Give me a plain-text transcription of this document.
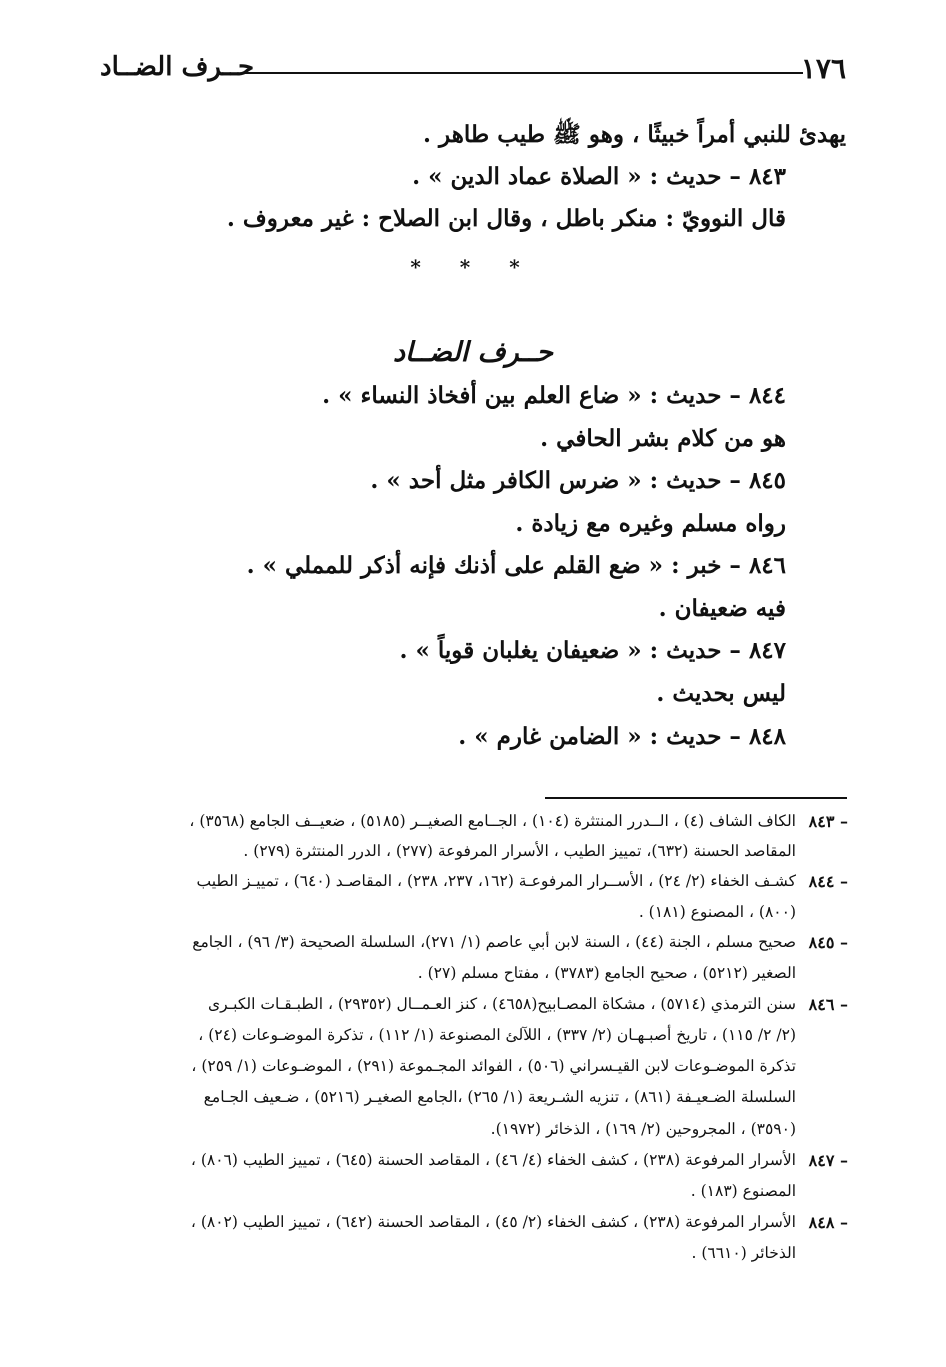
١٧٦
حــرف الضــاد
يهدئ للنبي أمراً خبيثًا ، وهو ﷺ طيب طاهر .
٨٤٣ – حديث : « الصلاة عماد الدين » .
قال النوويّ : منكر باطل ، وقال ابن الصلاح : غير معروف .
* * *
حــرف الضــاد
٨٤٤ – حديث : « ضاع العلم بين أفخاذ النساء » .
هو من كلام بشر الحافي .
٨٤٥ – حديث : « ضرس الكافر مثل أحد » .
رواه مسلم وغيره مع زيادة .
٨٤٦ – خبر : « ضع القلم على أذنك فإنه أذكر للمملي » .
فيه ضعيفان .
٨٤٧ – حديث : « ضعيفان يغلبان قوياً » .
ليس بحديث .
٨٤٨ – حديث : « الضامن غارم » .
٨٤٣ –
الكاف الشاف (٤) ، الــدرر المنتثرة (١٠٤) ، الجــامع الصغيــر (٥١٨٥) ، ضعيــف الجامع (٣٥٦٨) ،
المقاصد الحسنة (٦٣٢)، تمييز الطيب ، الأسرار المرفوعة (٢٧٧) ، الدرر المنتثرة (٢٧٩) .
٨٤٤ –
كشـف الخفاء (٢/ ٢٤) ، الأســرار المرفوعـة (١٦٢، ٢٣٧، ٢٣٨) ، المقاصـد (٦٤٠) ، تمييـز الطيب
(٨٠٠) ، المصنوع (١٨١) .
٨٤٥ –
صحيح مسلم ، الجنة (٤٤) ، السنة لابن أبي عاصم (١/ ٢٧١)، السلسلة الصحيحة (٣/ ٩٦) ، الجامع
الصغير (٥٢١٢) ، صحيح الجامع (٣٧٨٣) ، مفتاح مسلم (٢٧) .
٨٤٦ –
سنن الترمذي (٥٧١٤) ، مشكاة المصـابيح(٤٦٥٨) ، كنز العـمــال (٢٩٣٥٢) ، الطبـقـات الكبـرى
(٢/ ٢/ ١١٥) ، تاريخ أصبـهـان (٢/ ٣٣٧) ، اللآلئ المصنوعة (١/ ١١٢) ، تذكرة الموضـوعات (٢٤) ،
تذكرة الموضـوعات لابن القيـسراني (٥٠٦) ، الفوائد المجـموعة (٢٩١) ، الموضـوعات (١/ ٢٥٩) ،
السلسلة الضـعيـفة (٨٦١) ، تنزيه الشـريعة (١/ ٢٦٥) ،الجامع الصغيـر (٥٢١٦) ، ضـعيف الجـامع
(٣٥٩٠) ، المجروحين (٢/ ١٦٩) ، الذخائر (١٩٧٢).
٨٤٧ –
الأسرار المرفوعة (٢٣٨) ، كشف الخفاء (٤/ ٤٦) ، المقاصد الحسنة (٦٤٥) ، تمييز الطيب (٨٠٦) ،
المصنوع (١٨٣) .
٨٤٨ –
الأسرار المرفوعة (٢٣٨) ، كشف الخفاء (٢/ ٤٥) ، المقاصد الحسنة (٦٤٢) ، تمييز الطيب (٨٠٢) ،
الذخائر (٦٦١٠) .
